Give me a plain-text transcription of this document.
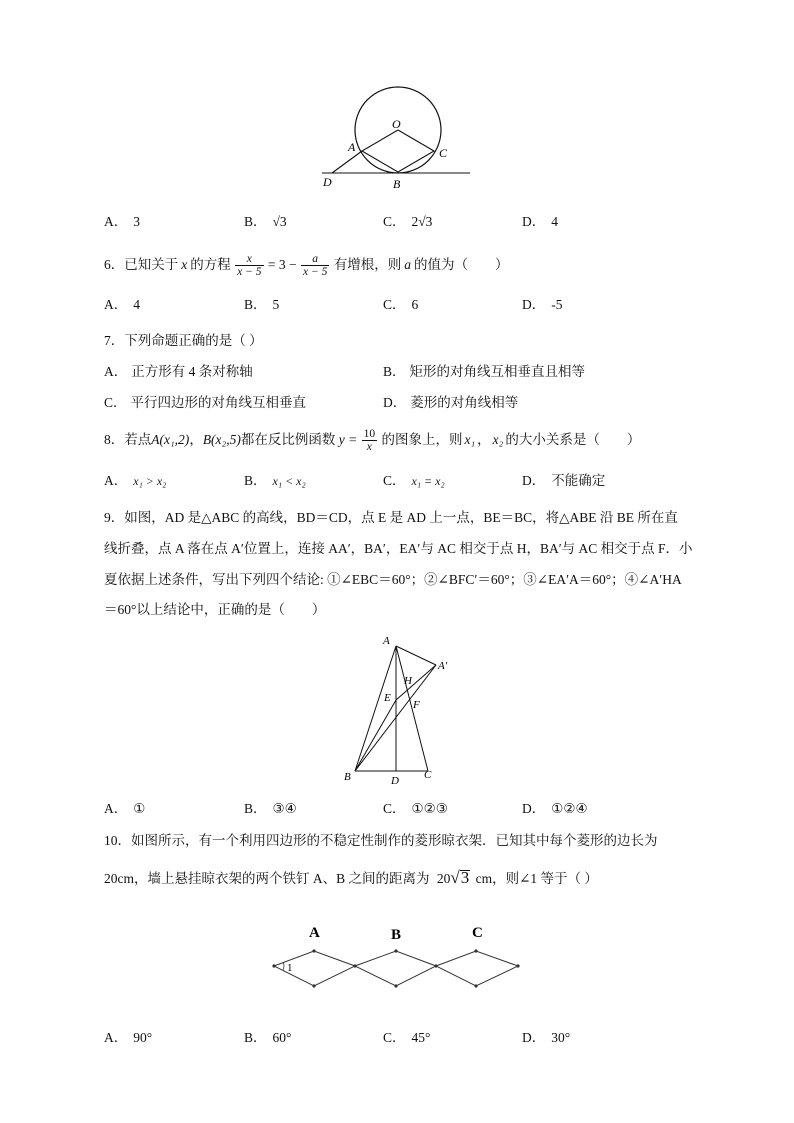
O
A	C
D	B
A． 3	B． √3	C． 2√3	D． 4
6．已知关于 x 的方程 $\frac{x}{x - 5} = 3 - \frac{a}{x - 5}$ 有增根，则 a 的值为（　　）
A． 4	B． 5	C． 6	D． -5
7．下列命题正确的是（ ）
A． 正方形有 4 条对称轴	B． 矩形的对角线互相垂直且相等
C． 平行四边形的对角线互相垂直	D． 菱形的对角线相等
8．若点A(x₁,2)，B(x₂,5)都在反比例函数 $y = \frac{10}{x}$ 的图象上，则 x₁ ， x₂ 的大小关系是（　　）
A． x₁ > x₂	B． x₁ < x₂	C． x₁ = x₂	D． 不能确定
9．如图，AD 是△ABC 的高线，BD＝CD，点 E 是 AD 上一点，BE＝BC，将△ABE 沿 BE 所在直
线折叠，点 A 落在点 A′位置上，连接 AA′，BA′，EA′与 AC 相交于点 H，BA′与 AC 相交于点 F．小
夏依据上述条件，写出下列四个结论: ①∠EBC＝60°；②∠BFC′＝60°；③∠EA′A＝60°；④∠A′HA
＝60°以上结论中，正确的是（　　）
A
A′
H
E
F
B	D C
A． ①	B． ③④	C． ①②③	D． ①②④
10．如图所示，有一个利用四边形的不稳定性制作的菱形晾衣架．已知其中每个菱形的边长为
20cm，墙上悬挂晾衣架的两个铁钉 A、B 之间的距离为 20√3 cm，则∠1 等于（ ）
A	B	C
1
A． 90°	B． 60°	C． 45°	D． 30°
